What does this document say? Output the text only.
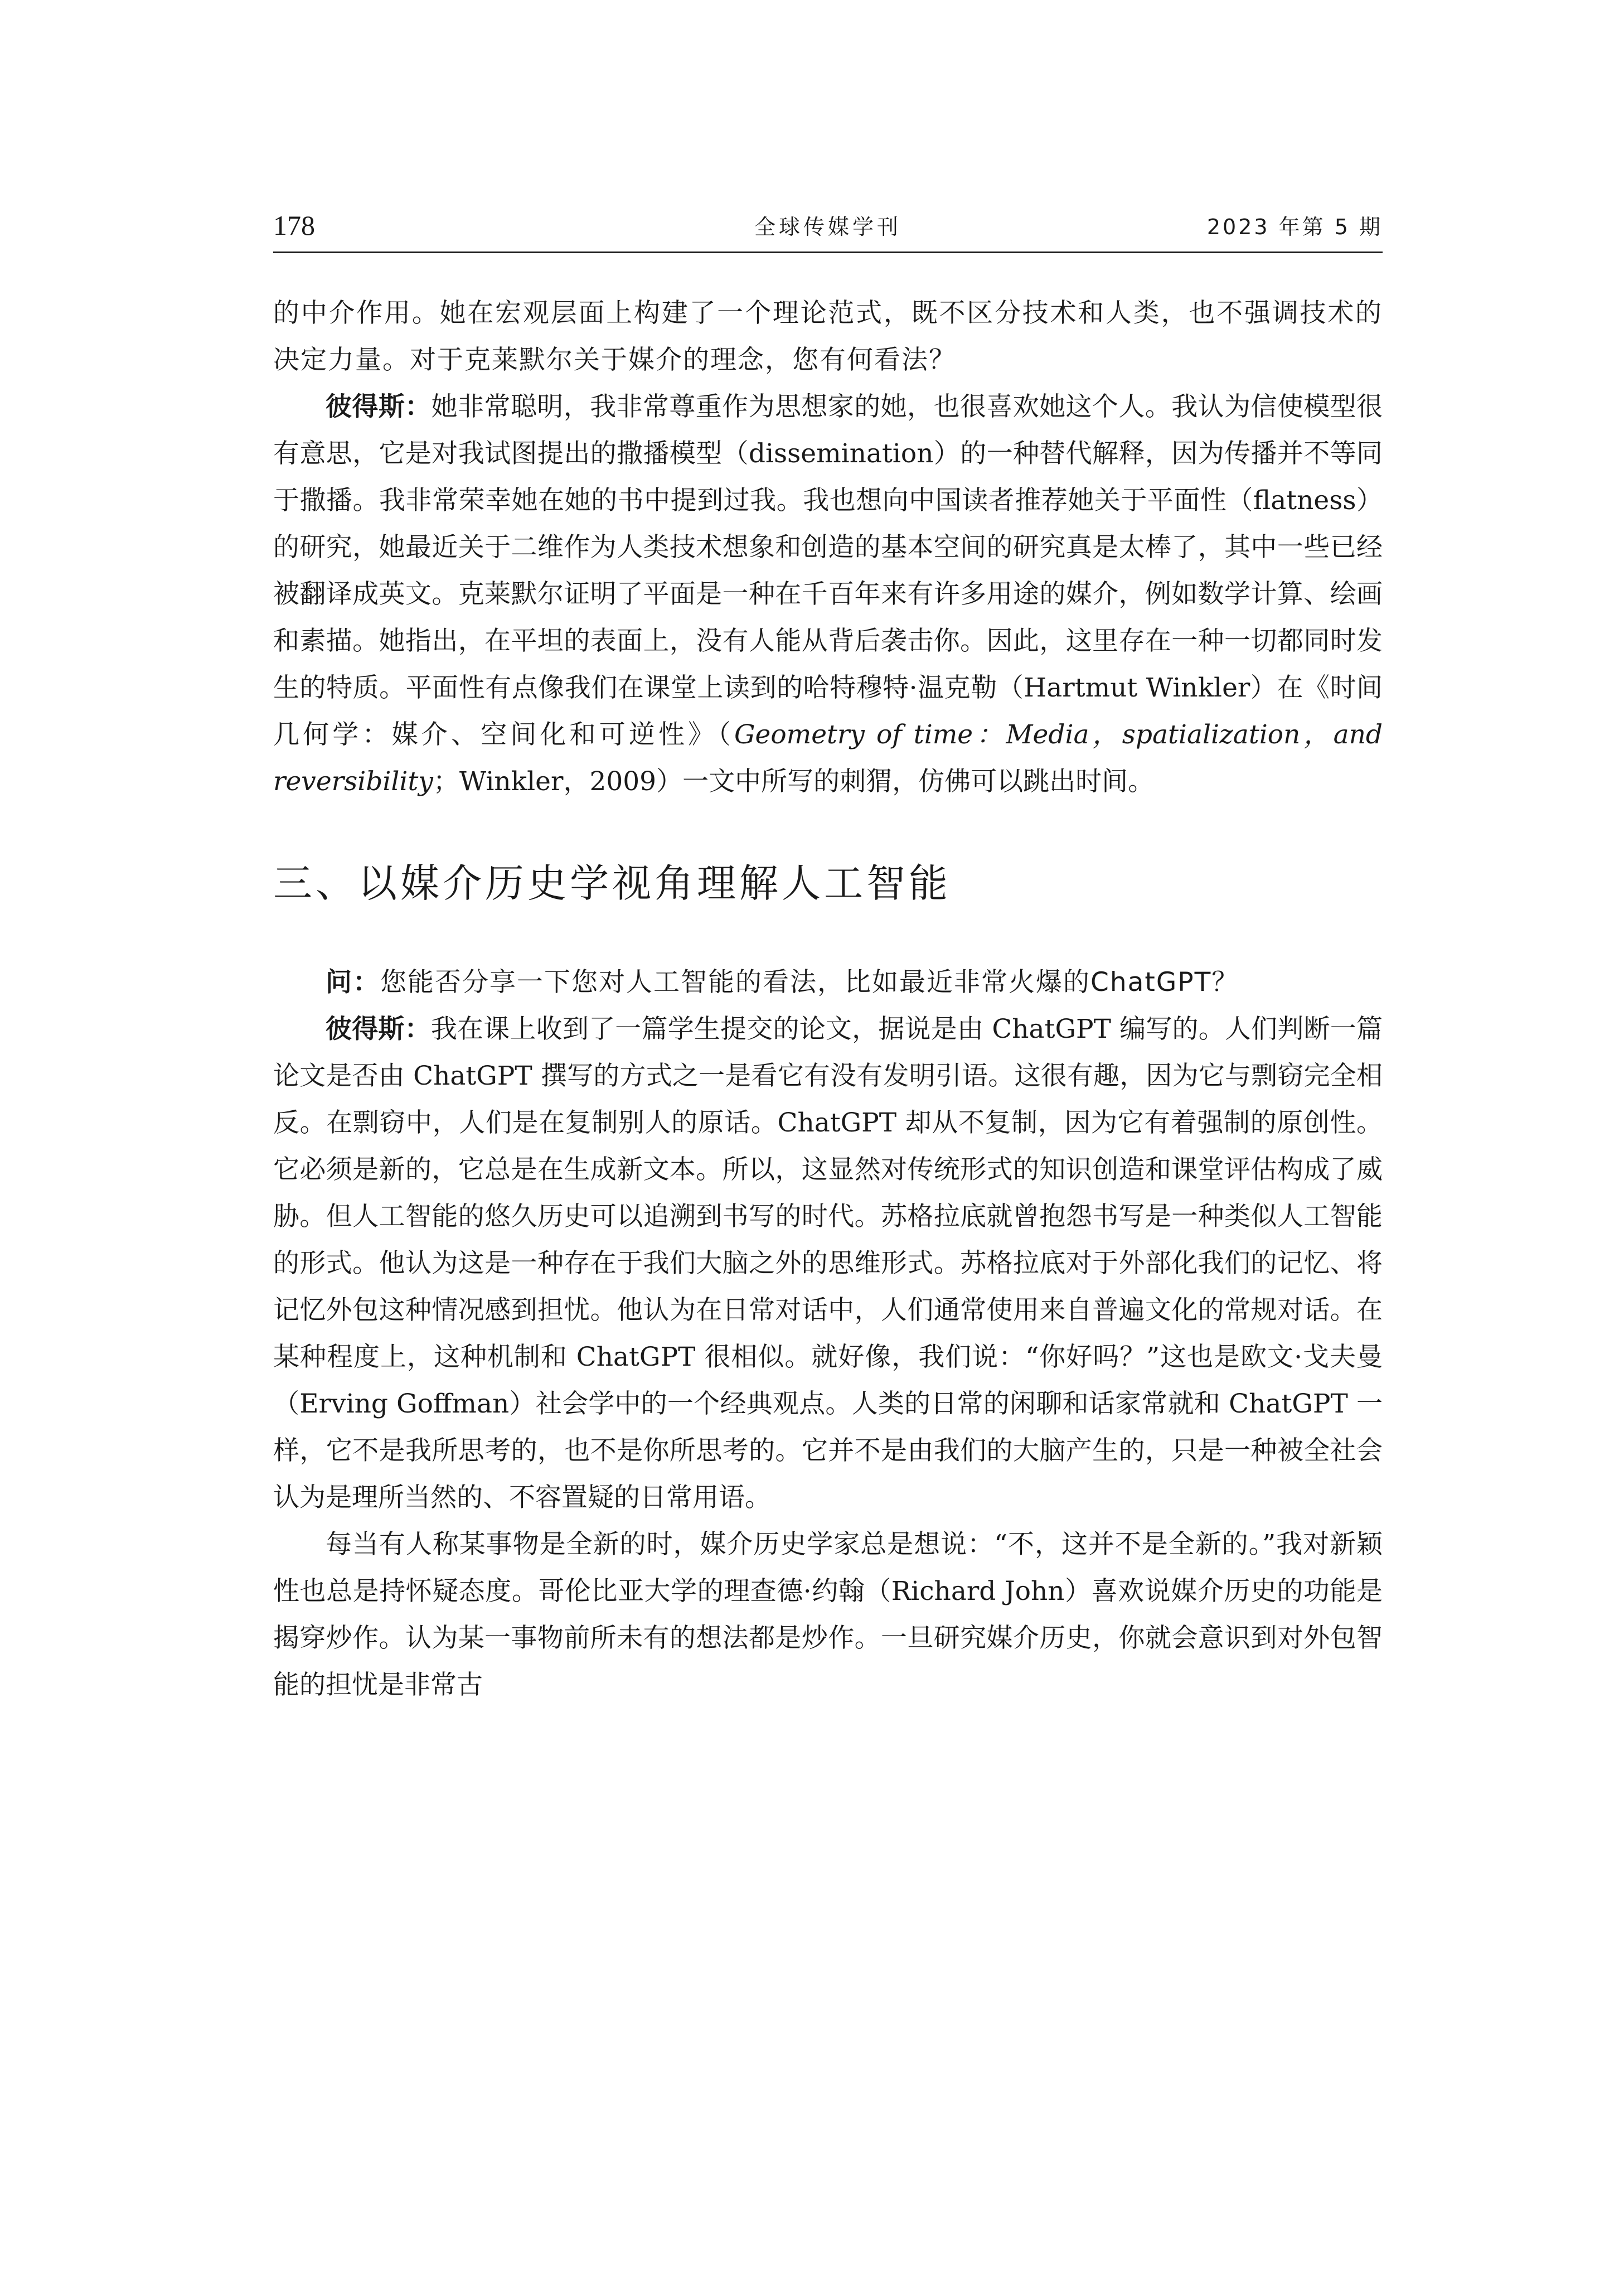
178	全球传媒学刊	2023 年第 5 期

的中介作用。她在宏观层面上构建了一个理论范式，既不区分技术和人类，也不强调技术的决定力量。对于克莱默尔关于媒介的理念，您有何看法？

彼得斯：她非常聪明，我非常尊重作为思想家的她，也很喜欢她这个人。我认为信使模型很有意思，它是对我试图提出的撒播模型（dissemination）的一种替代解释，因为传播并不等同于撒播。我非常荣幸她在她的书中提到过我。我也想向中国读者推荐她关于平面性（flatness）的研究，她最近关于二维作为人类技术想象和创造的基本空间的研究真是太棒了，其中一些已经被翻译成英文。克莱默尔证明了平面是一种在千百年来有许多用途的媒介，例如数学计算、绘画和素描。她指出，在平坦的表面上，没有人能从背后袭击你。因此，这里存在一种一切都同时发生的特质。平面性有点像我们在课堂上读到的哈特穆特·温克勒（Hartmut Winkler）在《时间几何学：媒介、空间化和可逆性》（Geometry of time：Media，spatialization，and reversibility；Winkler，2009）一文中所写的刺猬，仿佛可以跳出时间。

三、以媒介历史学视角理解人工智能

问：您能否分享一下您对人工智能的看法，比如最近非常火爆的ChatGPT？

彼得斯：我在课上收到了一篇学生提交的论文，据说是由 ChatGPT 编写的。人们判断一篇论文是否由 ChatGPT 撰写的方式之一是看它有没有发明引语。这很有趣，因为它与剽窃完全相反。在剽窃中，人们是在复制别人的原话。ChatGPT 却从不复制，因为它有着强制的原创性。它必须是新的，它总是在生成新文本。所以，这显然对传统形式的知识创造和课堂评估构成了威胁。但人工智能的悠久历史可以追溯到书写的时代。苏格拉底就曾抱怨书写是一种类似人工智能的形式。他认为这是一种存在于我们大脑之外的思维形式。苏格拉底对于外部化我们的记忆、将记忆外包这种情况感到担忧。他认为在日常对话中，人们通常使用来自普遍文化的常规对话。在某种程度上，这种机制和 ChatGPT 很相似。就好像，我们说：“你好吗？”这也是欧文·戈夫曼（Erving Goffman）社会学中的一个经典观点。人类的日常的闲聊和话家常就和 ChatGPT 一样，它不是我所思考的，也不是你所思考的。它并不是由我们的大脑产生的，只是一种被全社会认为是理所当然的、不容置疑的日常用语。

每当有人称某事物是全新的时，媒介历史学家总是想说：“不，这并不是全新的。”我对新颖性也总是持怀疑态度。哥伦比亚大学的理查德·约翰（Richard John）喜欢说媒介历史的功能是揭穿炒作。认为某一事物前所未有的想法都是炒作。一旦研究媒介历史，你就会意识到对外包智能的担忧是非常古
